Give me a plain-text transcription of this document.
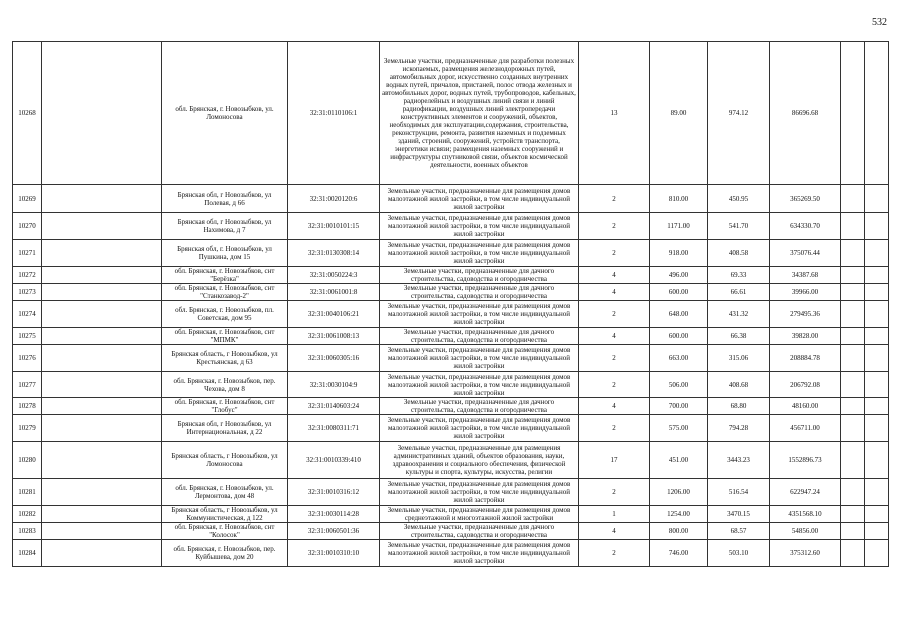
532
10268		обл. Брянская, г. Новозыбков, ул. Ломоносова	32:31:0110106:1	Земельные участки, предназначенные для разработки полезных ископаемых, размещения железнодорожных путей, автомобильных дорог, искусственно созданных внутренних водных путей, причалов, пристаней, полос отвода железных и автомобильных дорог, водных путей, трубопроводов, кабельных, радиорелейных и воздушных линий связи и линий радиофикации, воздушных линий электропередачи конструктивных элементов и сооружений, объектов, необходимых для эксплуатации,содержания, строительства, реконструкции, ремонта, развития наземных и подземных зданий, строений, сооружений, устройств транспорта, энергетики исвязи; размещения наземных сооружений и инфраструктуры спутниковой связи, объектов космической деятельности, военных объектов	13	89.00	974.12	86696.68		
10269		Брянская обл, г Новозыбков, ул Полевая, д 66	32:31:0020120:6	Земельные участки, предназначенные для размещения домов малоэтажной жилой застройки, в том числе индивидуальной жилой застройки	2	810.00	450.95	365269.50		
10270		Брянская обл, г Новозыбков, ул Нахимова, д 7	32:31:0010101:15	Земельные участки, предназначенные для размещения домов малоэтажной жилой застройки, в том числе индивидуальной жилой застройки	2	1171.00	541.70	634330.70		
10271		Брянская обл, г. Новозыбков, ул Пушкина, дом 15	32:31:0130308:14	Земельные участки, предназначенные для размещения домов малоэтажной жилой застройки, в том числе индивидуальной жилой застройки	2	918.00	408.58	375076.44		
10272		обл. Брянская, г. Новозыбков, снт "Берёзка"	32:31:0050224:3	Земельные участки, предназначенные для дачного строительства, садоводства и огородничества	4	496.00	69.33	34387.68		
10273		обл. Брянская, г. Новозыбков, снт "Станкозавод-2"	32:31:0061001:8	Земельные участки, предназначенные для дачного строительства, садоводства и огородничества	4	600.00	66.61	39966.00		
10274		обл. Брянская, г. Новозыбков, пл. Советская, дом 95	32:31:0040106:21	Земельные участки, предназначенные для размещения домов малоэтажной жилой застройки, в том числе индивидуальной жилой застройки	2	648.00	431.32	279495.36		
10275		обл. Брянская, г. Новозыбков, снт "МПМК"	32:31:0061008:13	Земельные участки, предназначенные для дачного строительства, садоводства и огородничества	4	600.00	66.38	39828.00		
10276		Брянская область, г Новозыбков, ул Крестьянская, д 63	32:31:0060305:16	Земельные участки, предназначенные для размещения домов малоэтажной жилой застройки, в том числе индивидуальной жилой застройки	2	663.00	315.06	208884.78		
10277		обл. Брянская, г. Новозыбков, пер. Чехова, дом 8	32:31:0030104:9	Земельные участки, предназначенные для размещения домов малоэтажной жилой застройки, в том числе индивидуальной жилой застройки	2	506.00	408.68	206792.08		
10278		обл. Брянская, г. Новозыбков, снт "Глобус"	32:31:0140603:24	Земельные участки, предназначенные для дачного строительства, садоводства и огородничества	4	700.00	68.80	48160.00		
10279		Брянская обл, г Новозыбков, ул Интернациональная, д 22	32:31:0080311:71	Земельные участки, предназначенные для размещения домов малоэтажной жилой застройки, в том числе индивидуальной жилой застройки	2	575.00	794.28	456711.00		
10280		Брянская область, г Новозыбков, ул Ломоносова	32:31:0010339:410	Земельные участки, предназначенные для размещения административных зданий, объектов образования, науки, здравоохранения и социального обеспечения, физической культуры и спорта, культуры, искусства, религии	17	451.00	3443.23	1552896.73		
10281		обл. Брянская, г. Новозыбков, ул. Лермонтова, дом 48	32:31:0010316:12	Земельные участки, предназначенные для размещения домов малоэтажной жилой застройки, в том числе индивидуальной жилой застройки	2	1206.00	516.54	622947.24		
10282		Брянская область, г Новозыбков, ул Коммунистическая, д 122	32:31:0030114:28	Земельные участки, предназначенные для размещения домов среднеэтажной и многоэтажной жилой застройки	1	1254.00	3470.15	4351568.10		
10283		обл. Брянская, г. Новозыбков, снт "Колосок"	32:31:0060501:36	Земельные участки, предназначенные для дачного строительства, садоводства и огородничества	4	800.00	68.57	54856.00		
10284		обл. Брянская, г. Новозыбков, пер. Куйбышева, дом 20	32:31:0010310:10	Земельные участки, предназначенные для размещения домов малоэтажной жилой застройки, в том числе индивидуальной жилой застройки	2	746.00	503.10	375312.60		
